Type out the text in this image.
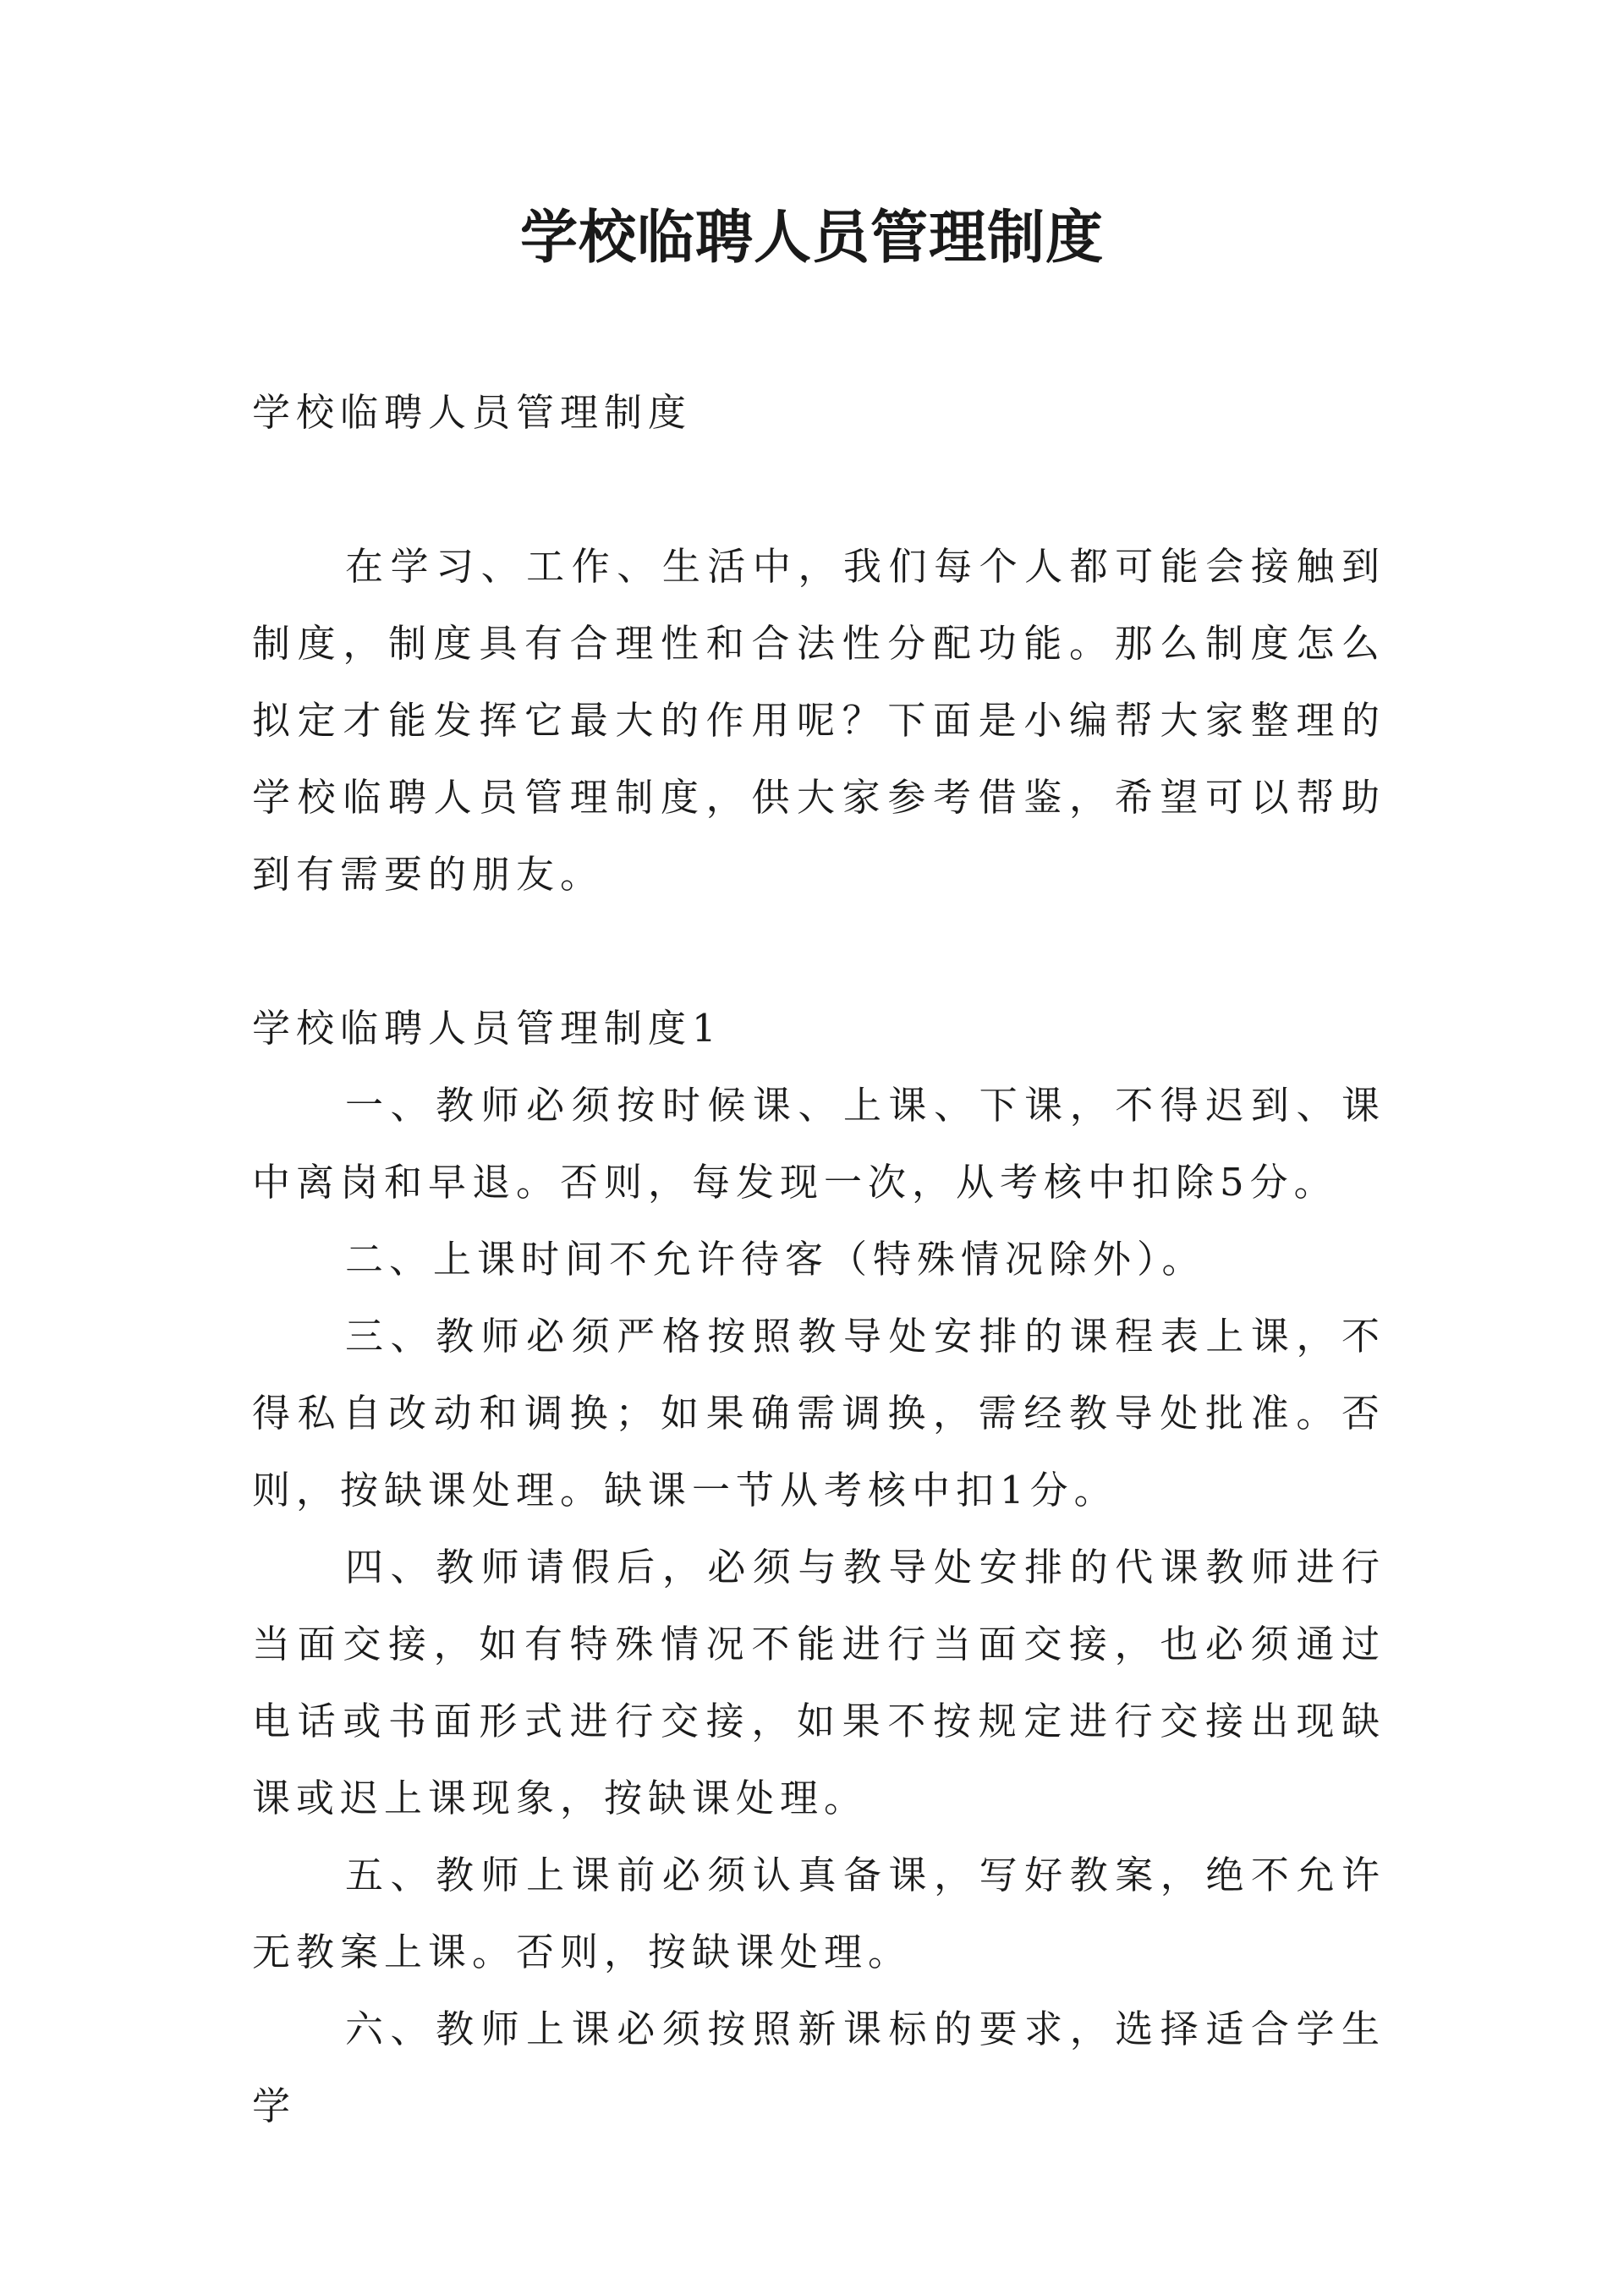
学校临聘人员管理制度

学校临聘人员管理制度

在学习、工作、生活中，我们每个人都可能会接触到制度，制度具有合理性和合法性分配功能。那么制度怎么拟定才能发挥它最大的作用呢？下面是小编帮大家整理的学校临聘人员管理制度，供大家参考借鉴，希望可以帮助到有需要的朋友。

学校临聘人员管理制度1

一、教师必须按时候课、上课、下课，不得迟到、课中离岗和早退。否则，每发现一次，从考核中扣除5分。

二、上课时间不允许待客（特殊情况除外）。

三、教师必须严格按照教导处安排的课程表上课，不得私自改动和调换；如果确需调换，需经教导处批准。否则，按缺课处理。缺课一节从考核中扣1分。

四、教师请假后，必须与教导处安排的代课教师进行当面交接，如有特殊情况不能进行当面交接，也必须通过电话或书面形式进行交接，如果不按规定进行交接出现缺课或迟上课现象，按缺课处理。

五、教师上课前必须认真备课，写好教案，绝不允许无教案上课。否则，按缺课处理。

六、教师上课必须按照新课标的要求，选择适合学生学
